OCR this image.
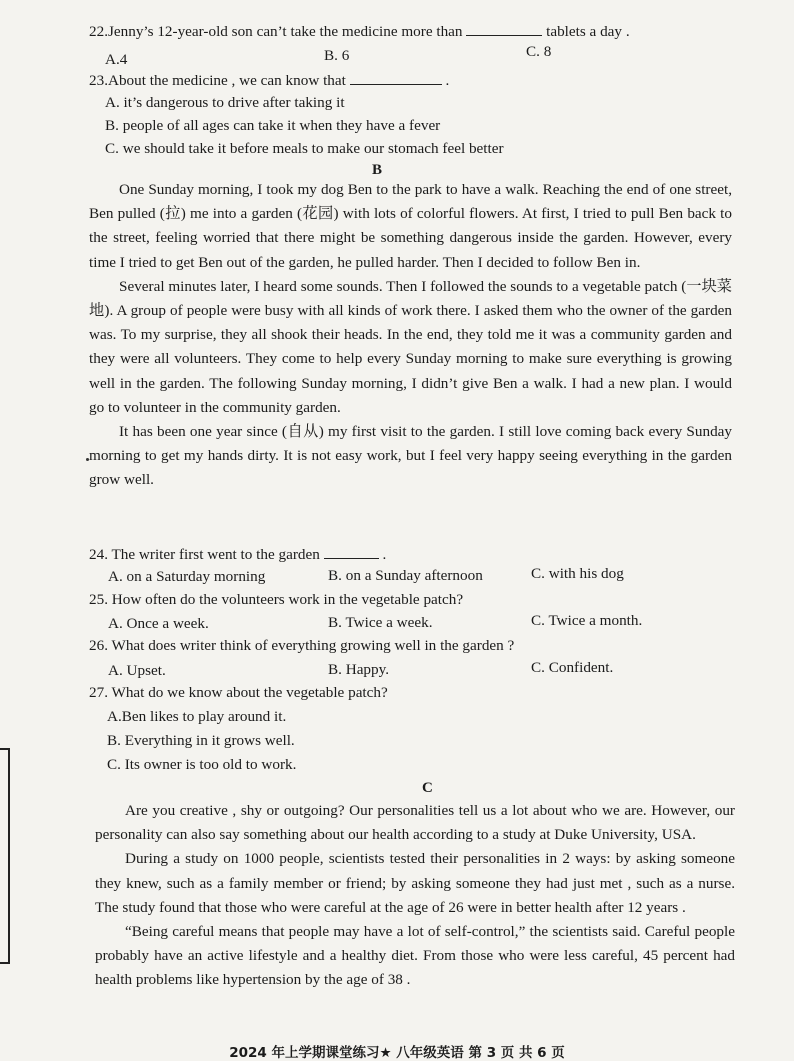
22.Jenny’s 12-year-old son can’t take the medicine more than	tablets a day .
A.4	B. 6	C. 8
23.About the medicine , we can know that	.
A. it’s dangerous to drive after taking it
B. people of all ages can take it when they have a fever
C. we should take it before meals to make our stomach feel better
B

One Sunday morning, I took my dog Ben to the park to have a walk. Reaching the end of one street, Ben pulled (拉) me into a garden (花园) with lots of colorful flowers. At first, I tried to pull Ben back to the street, feeling worried that there might be something dangerous inside the garden. However, every time I tried to get Ben out of the garden, he pulled harder. Then I decided to follow Ben in.

Several minutes later, I heard some sounds. Then I followed the sounds to a vegetable patch (一块菜地). A group of people were busy with all kinds of work there. I asked them who the owner of the garden was. To my surprise, they all shook their heads. In the end, they told me it was a community garden and they were all volunteers. They come to help every Sunday morning to make sure everything is growing well in the garden. The following Sunday morning, I didn’t give Ben a walk. I had a new plan. I would go to volunteer in the community garden.

It has been one year since (自从) my first visit to the garden. I still love coming back every Sunday morning to get my hands dirty. It is not easy work, but I feel very happy seeing everything in the garden grow well.

24. The writer first went to the garden	.
A. on a Saturday morning	B. on a Sunday afternoon	C. with his dog
25. How often do the volunteers work in the vegetable patch?
A. Once a week.	B. Twice a week.	C. Twice a month.
26. What does writer think of everything growing well in the garden ?
A. Upset.	B. Happy.	C. Confident.
27. What do we know about the vegetable patch?
A.Ben likes to play around it.
B. Everything in it grows well.
C. Its owner is too old to work.
C

Are you creative , shy or outgoing? Our personalities tell us a lot about who we are. However, our personality can also say something about our health according to a study at Duke University, USA.

During a study on 1000 people, scientists tested their personalities in 2 ways: by asking someone they knew, such as a family member or friend; by asking someone they had just met , such as a nurse. The study found that those who were careful at the age of 26 were in better health after 12 years .

“Being careful means that people may have a lot of self-control,” the scientists said. Careful people probably have an active lifestyle and a healthy diet. From those who were less careful, 45 percent had health problems like hypertension by the age of 38 .

2024 年上学期课堂练习★ 八年级英语 第 3 页 共 6 页
